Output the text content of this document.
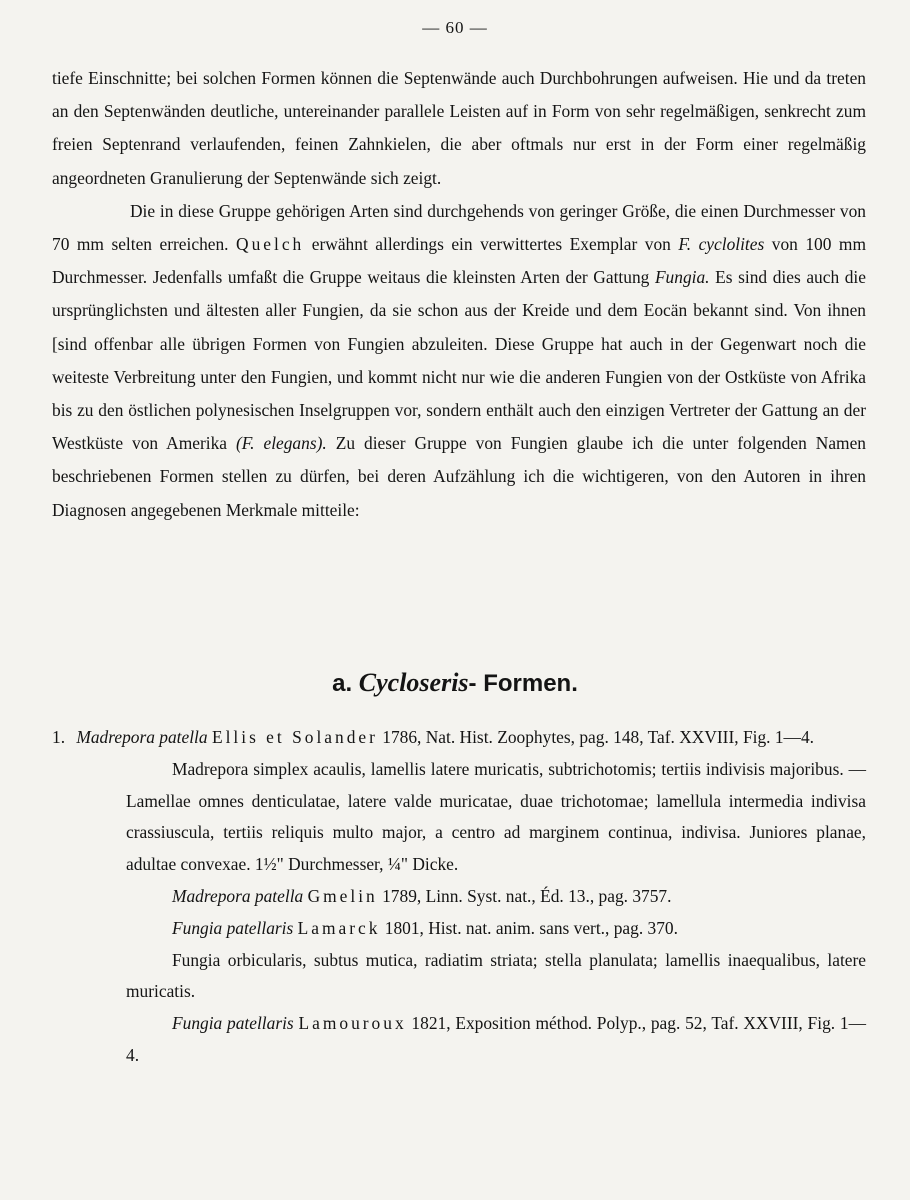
— 60 —

tiefe Einschnitte; bei solchen Formen können die Septenwände auch Durchbohrungen aufweisen. Hie und da treten an den Septenwänden deutliche, untereinander parallele Leisten auf in Form von sehr regelmäßigen, senkrecht zum freien Septenrand verlaufenden, feinen Zahnkielen, die aber oftmals nur erst in der Form einer regelmäßig angeordneten Granulierung der Septenwände sich zeigt.

Die in diese Gruppe gehörigen Arten sind durchgehends von geringer Größe, die einen Durchmesser von 70 mm selten erreichen. Quelch erwähnt allerdings ein verwittertes Exemplar von F. cyclolites von 100 mm Durchmesser. Jedenfalls umfaßt die Gruppe weitaus die kleinsten Arten der Gattung Fungia. Es sind dies auch die ursprünglichsten und ältesten aller Fungien, da sie schon aus der Kreide und dem Eocän bekannt sind. Von ihnen [sind offenbar alle übrigen Formen von Fungien abzuleiten. Diese Gruppe hat auch in der Gegenwart noch die weiteste Verbreitung unter den Fungien, und kommt nicht nur wie die anderen Fungien von der Ostküste von Afrika bis zu den östlichen polynesischen Inselgruppen vor, sondern enthält auch den einzigen Vertreter der Gattung an der Westküste von Amerika (F. elegans). Zu dieser Gruppe von Fungien glaube ich die unter folgenden Namen beschriebenen Formen stellen zu dürfen, bei deren Aufzählung ich die wichtigeren, von den Autoren in ihren Diagnosen angegebenen Merkmale mitteile:

a. Cycloseris- Formen.

1. Madrepora patella Ellis et Solander 1786, Nat. Hist. Zoophytes, pag. 148, Taf. XXVIII, Fig. 1—4.

Madrepora simplex acaulis, lamellis latere muricatis, subtrichotomis; tertiis indivisis majoribus. — Lamellae omnes denticulatae, latere valde muricatae, duae trichotomae; lamellula intermedia indivisa crassiuscula, tertiis reliquis multo major, a centro ad marginem continua, indivisa. Juniores planae, adultae convexae. 1½" Durchmesser, ¼" Dicke.

Madrepora patella Gmelin 1789, Linn. Syst. nat., Éd. 13., pag. 3757.

Fungia patellaris Lamarck 1801, Hist. nat. anim. sans vert., pag. 370.

Fungia orbicularis, subtus mutica, radiatim striata; stella planulata; lamellis inaequalibus, latere muricatis.

Fungia patellaris Lamouroux 1821, Exposition méthod. Polyp., pag. 52, Taf. XXVIII, Fig. 1—4.
